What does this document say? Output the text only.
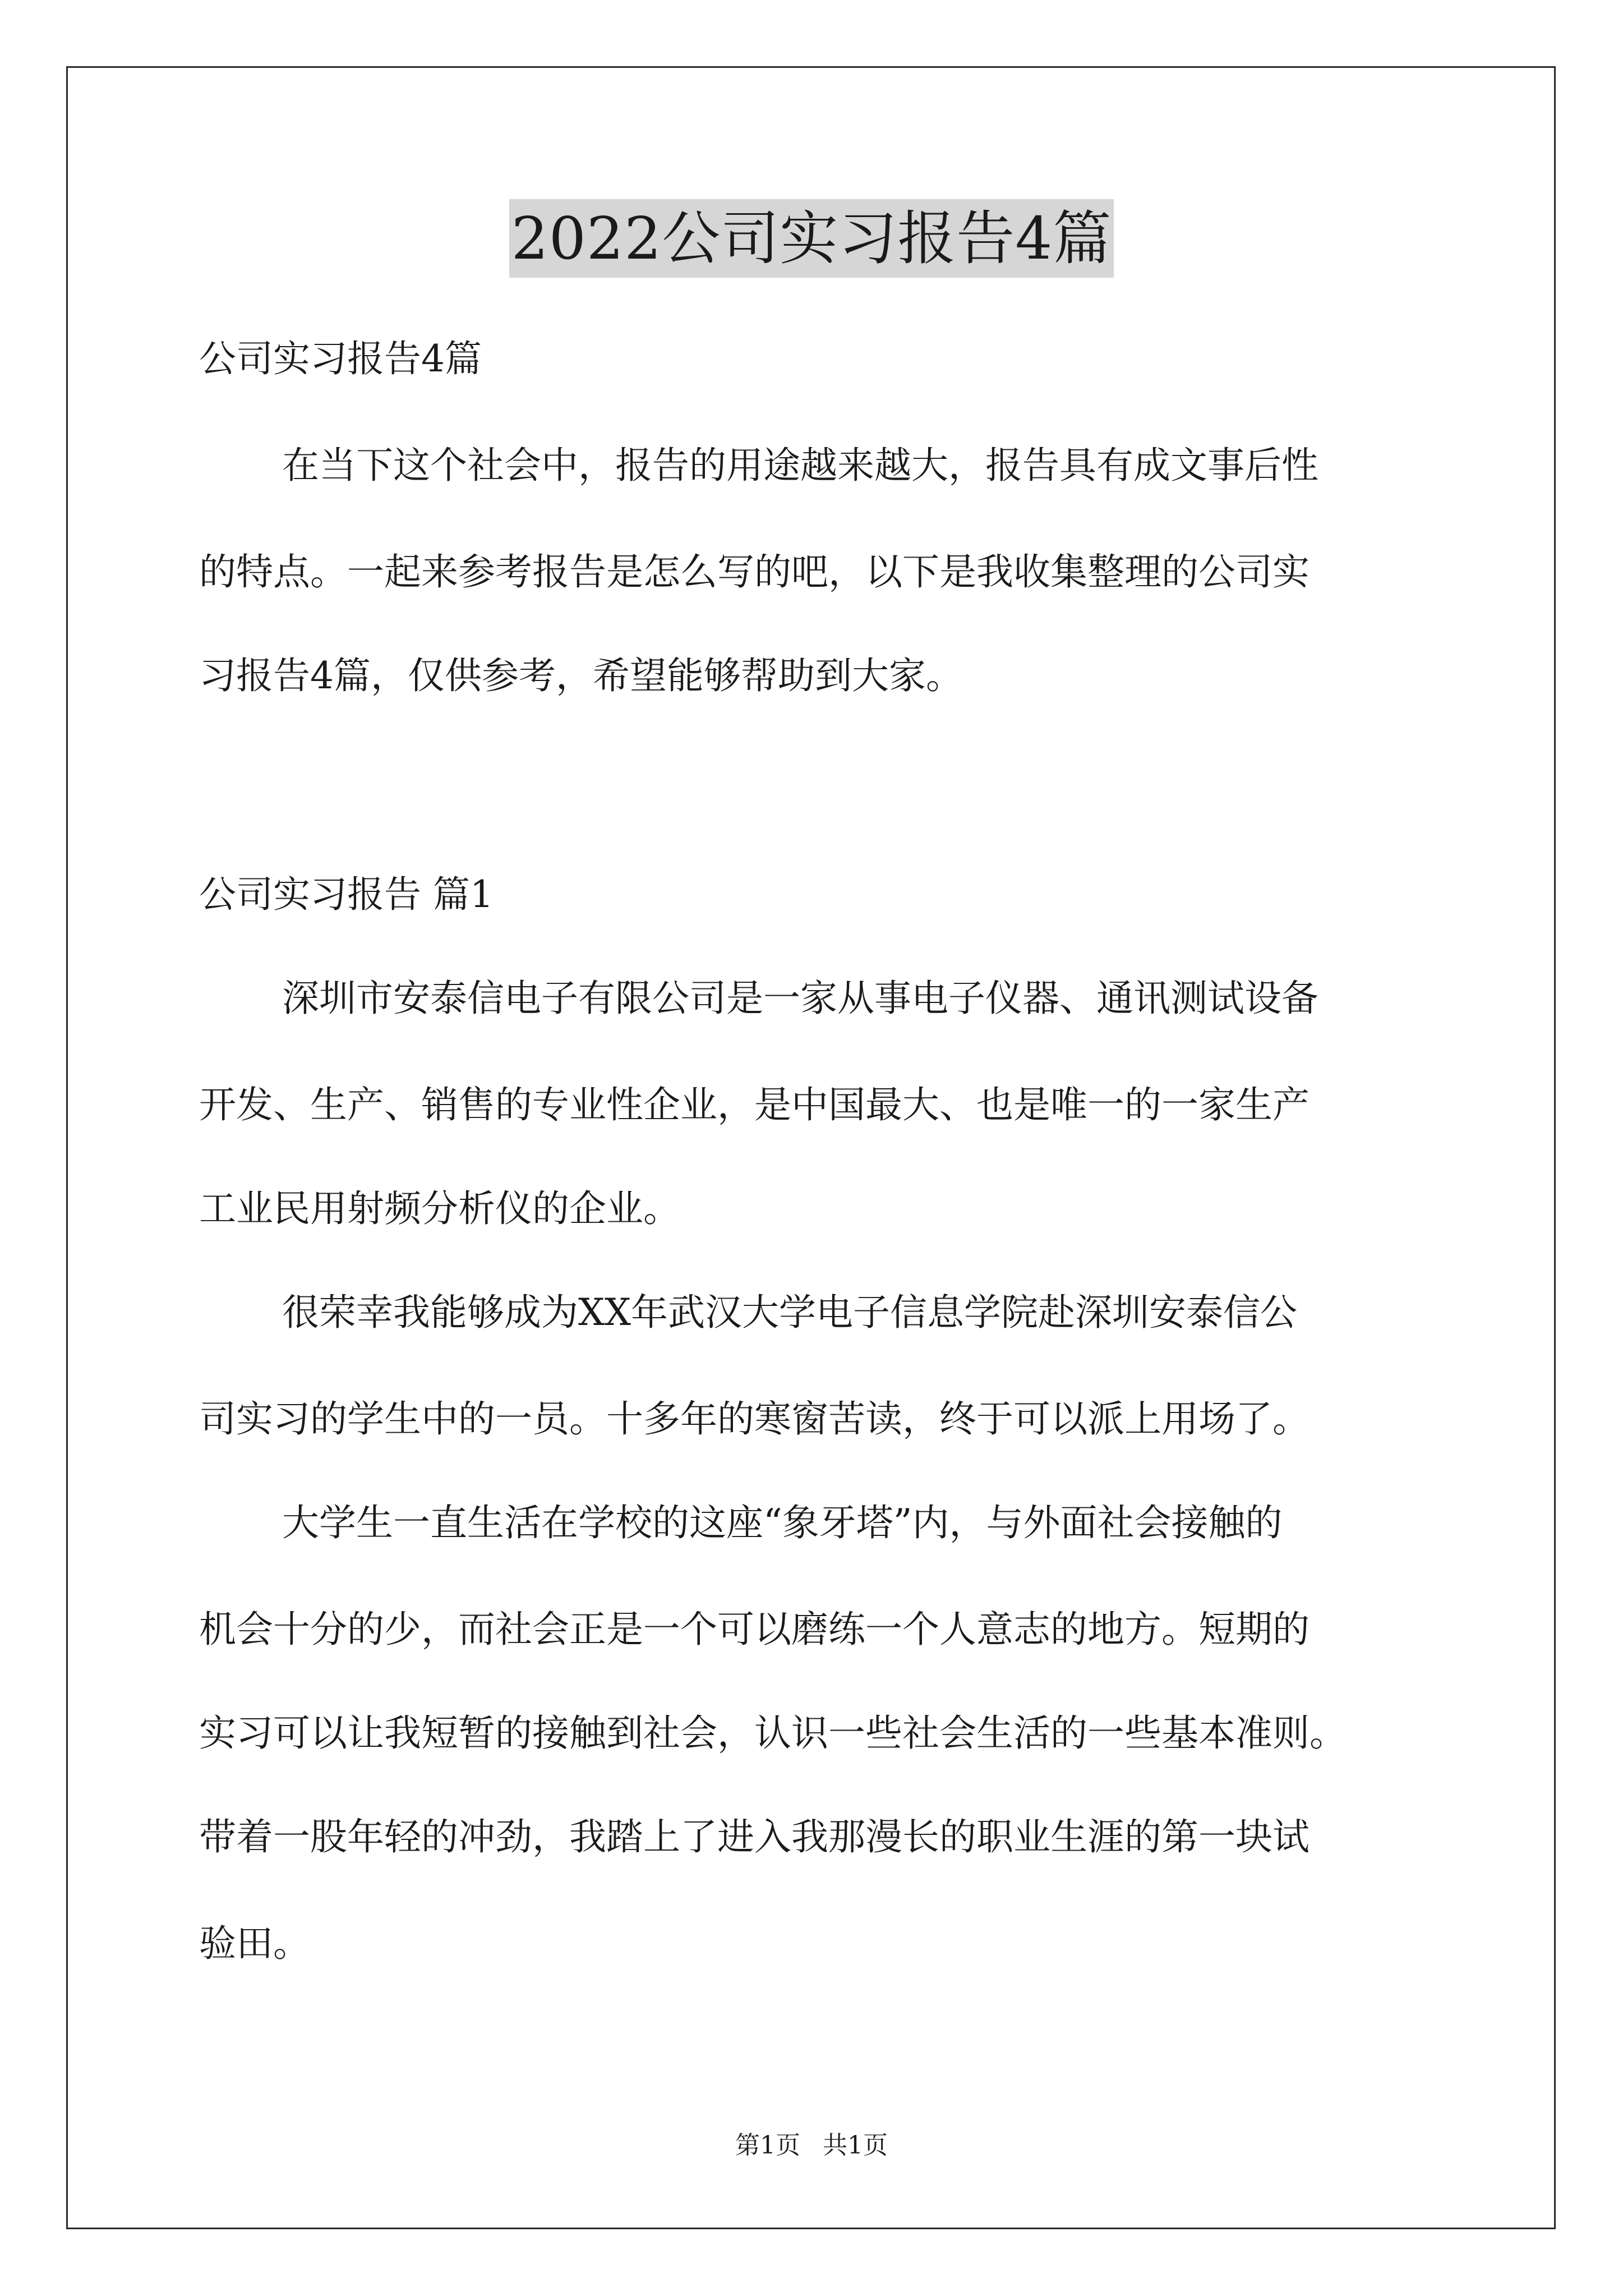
2022公司实习报告4篇
公司实习报告4篇
在当下这个社会中，报告的用途越来越大，报告具有成文事后性
的特点。一起来参考报告是怎么写的吧，以下是我收集整理的公司实
习报告4篇，仅供参考，希望能够帮助到大家。
公司实习报告 篇1
深圳市安泰信电子有限公司是一家从事电子仪器、通讯测试设备
开发、生产、销售的专业性企业，是中国最大、也是唯一的一家生产
工业民用射频分析仪的企业。
很荣幸我能够成为XX年武汉大学电子信息学院赴深圳安泰信公
司实习的学生中的一员。十多年的寒窗苦读，终于可以派上用场了。
大学生一直生活在学校的这座“象牙塔”内，与外面社会接触的
机会十分的少，而社会正是一个可以磨练一个人意志的地方。短期的
实习可以让我短暂的接触到社会，认识一些社会生活的一些基本准则。
带着一股年轻的冲劲，我踏上了进入我那漫长的职业生涯的第一块试
验田。
第1页 共1页
